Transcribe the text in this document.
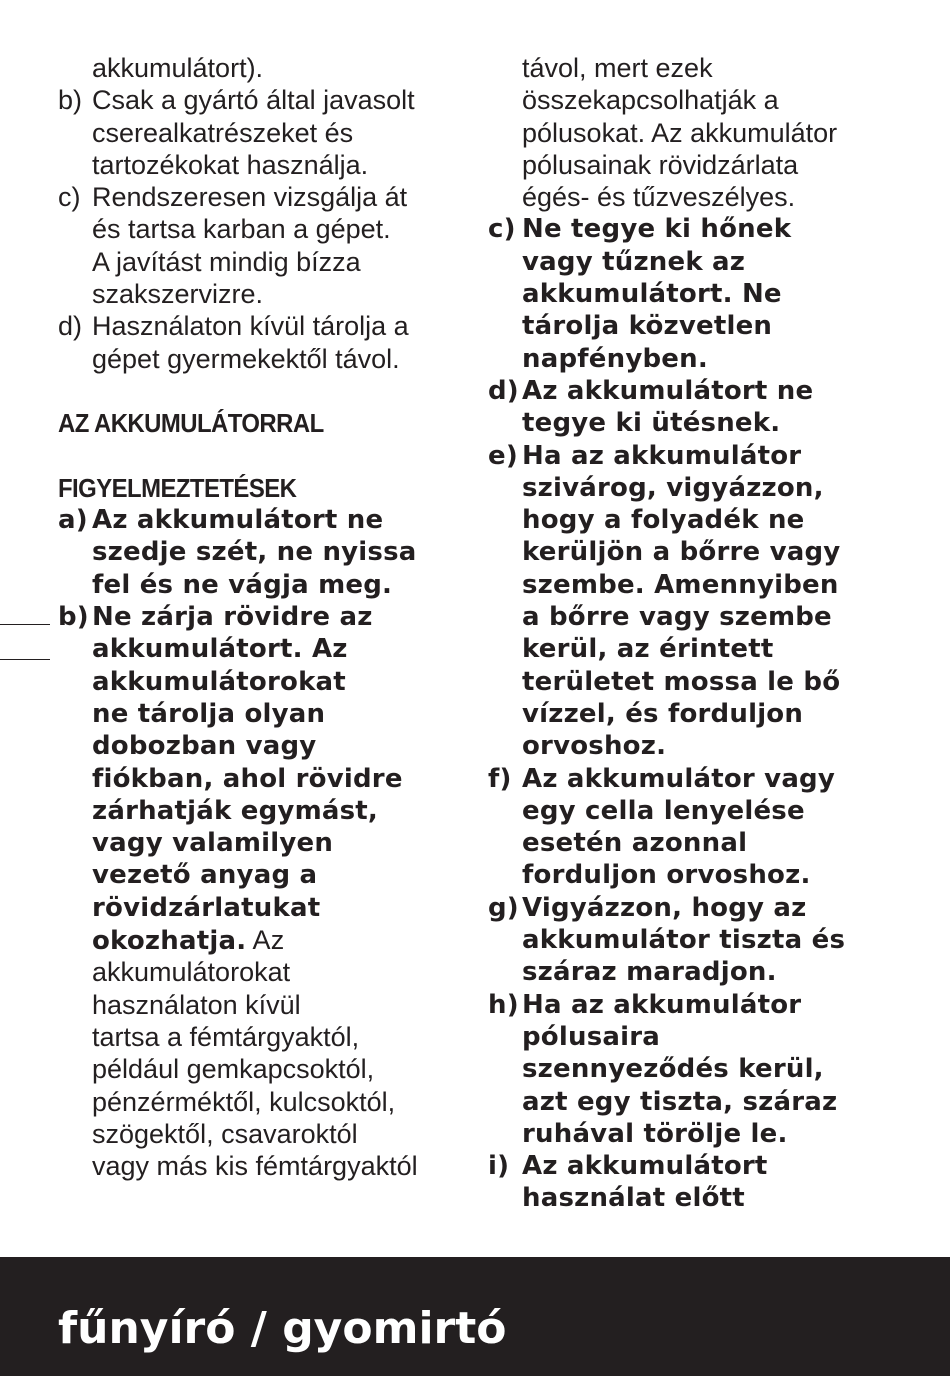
akkumulátort).
b) Csak a gyártó által javasolt
cserealkatrészeket és
tartozékokat használja.
c) Rendszeresen vizsgálja át
és tartsa karban a gépet.
A javítást mindig bízza
szakszervizre.
d) Használaton kívül tárolja a
gépet gyermekektől távol.
AZ AKKUMULÁTORRAL
FIGYELMEZTETÉSEK
a) Az akkumulátort ne
szedje szét, ne nyissa
fel és ne vágja meg.
b) Ne zárja rövidre az
akkumulátort. Az
akkumulátorokat
ne tárolja olyan
dobozban vagy
fiókban, ahol rövidre
zárhatják egymást,
vagy valamilyen
vezető anyag a
rövidzárlatukat
okozhatja. Az
akkumulátorokat
használaton kívül
tartsa a fémtárgyaktól,
például gemkapcsoktól,
pénzérméktől, kulcsoktól,
szögektől, csavaroktól
vagy más kis fémtárgyaktól
távol, mert ezek
összekapcsolhatják a
pólusokat. Az akkumulátor
pólusainak rövidzárlata
égés- és tűzveszélyes.
c) Ne tegye ki hőnek
vagy tűznek az
akkumulátort. Ne
tárolja közvetlen
napfényben.
d) Az akkumulátort ne
tegye ki ütésnek.
e) Ha az akkumulátor
szivárog, vigyázzon,
hogy a folyadék ne
kerüljön a bőrre vagy
szembe. Amennyiben
a bőrre vagy szembe
kerül, az érintett
területet mossa le bő
vízzel, és forduljon
orvoshoz.
f) Az akkumulátor vagy
egy cella lenyelése
esetén azonnal
forduljon orvoshoz.
g) Vigyázzon, hogy az
akkumulátor tiszta és
száraz maradjon.
h) Ha az akkumulátor
pólusaira
szennyeződés kerül,
azt egy tiszta, száraz
ruhával törölje le.
i) Az akkumulátort
használat előtt
fűnyíró / gyomirtó
